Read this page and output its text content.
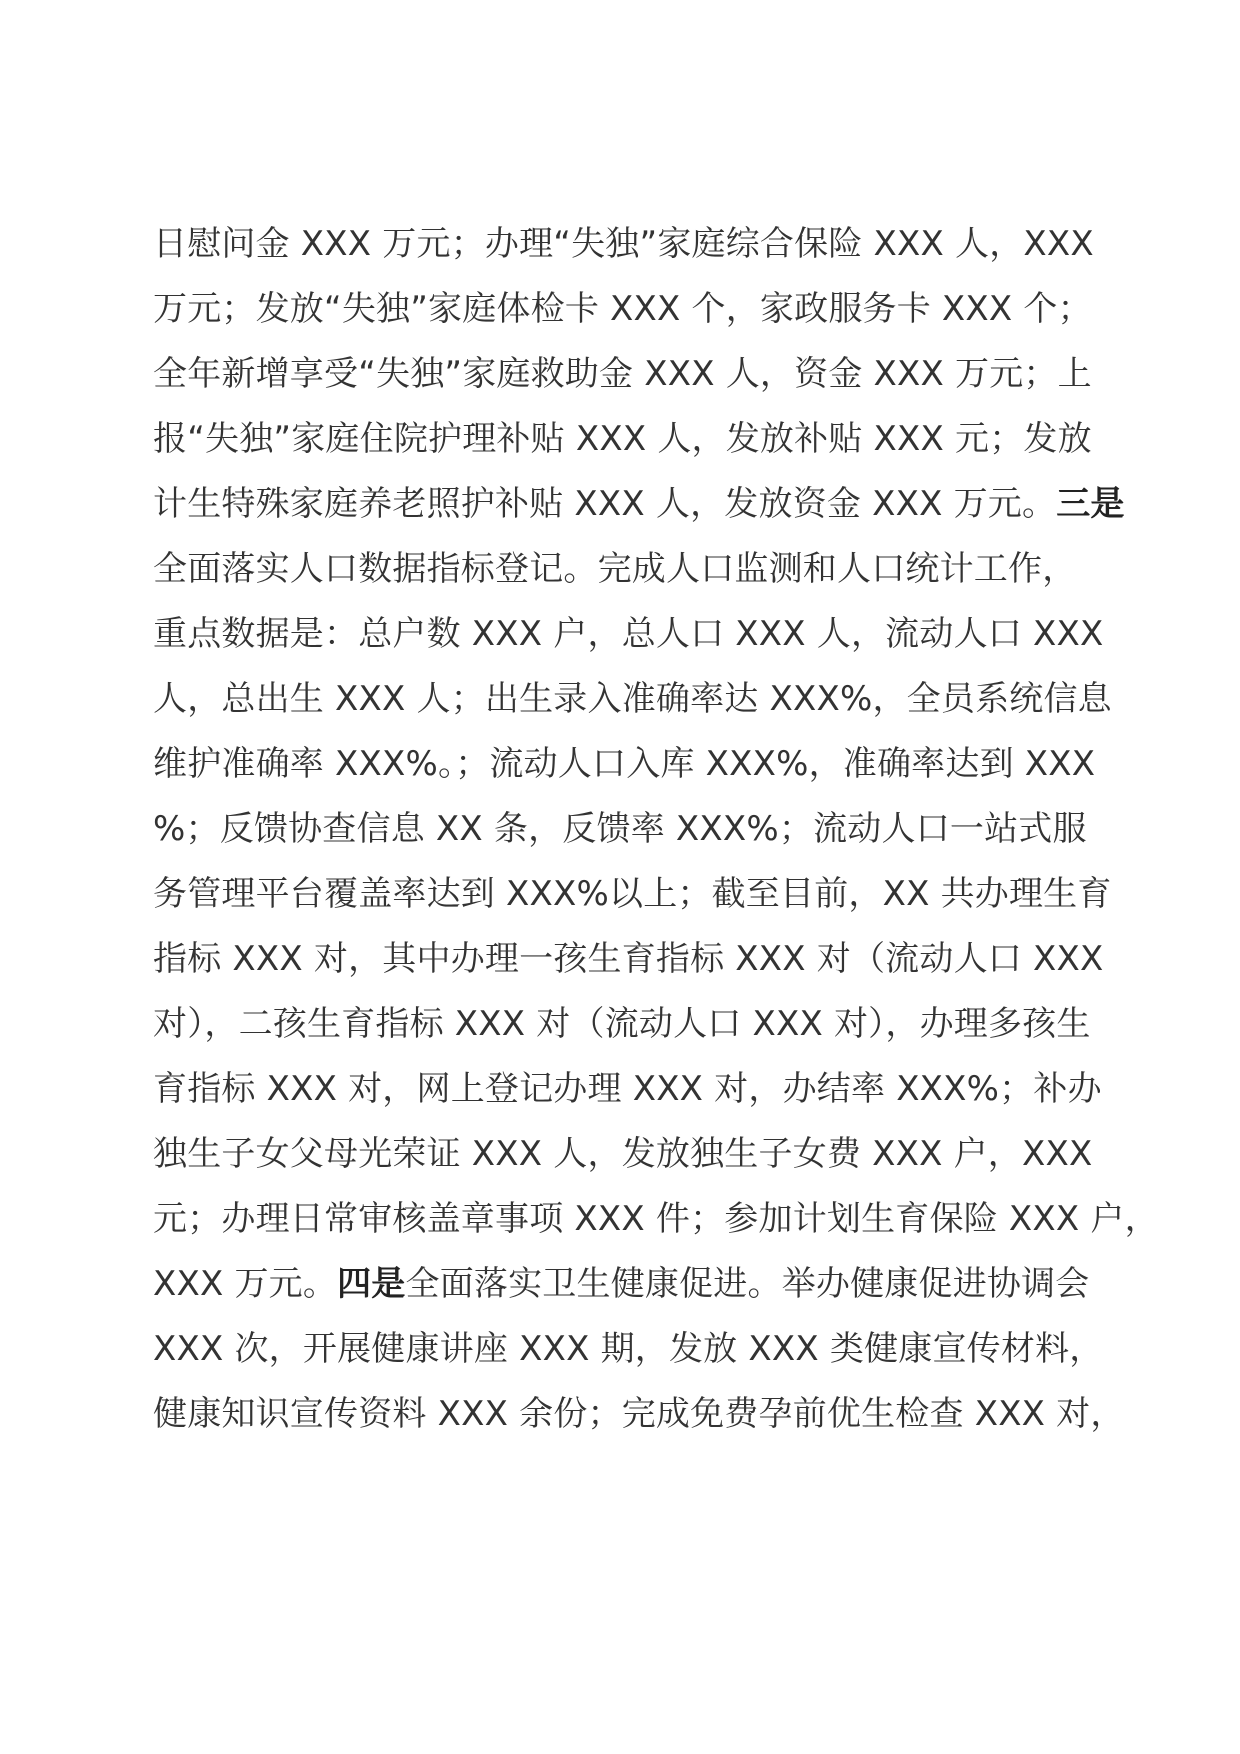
日慰问金 XXX 万元；办理“失独”家庭综合保险 XXX 人，XXX
万元；发放“失独”家庭体检卡 XXX 个，家政服务卡 XXX 个；
全年新增享受“失独”家庭救助金 XXX 人，资金 XXX 万元；上
报“失独”家庭住院护理补贴 XXX 人，发放补贴 XXX 元；发放
计生特殊家庭养老照护补贴 XXX 人，发放资金 XXX 万元。三是
全面落实人口数据指标登记。完成人口监测和人口统计工作，
重点数据是：总户数 XXX 户，总人口 XXX 人，流动人口 XXX
人，总出生 XXX 人；出生录入准确率达 XXX%，全员系统信息
维护准确率 XXX%。；流动人口入库 XXX%，准确率达到 XXX
%；反馈协查信息 XX 条，反馈率 XXX%；流动人口一站式服
务管理平台覆盖率达到 XXX%以上；截至目前，XX 共办理生育
指标 XXX 对，其中办理一孩生育指标 XXX 对（流动人口 XXX
对），二孩生育指标 XXX 对（流动人口 XXX 对），办理多孩生
育指标 XXX 对，网上登记办理 XXX 对，办结率 XXX%；补办
独生子女父母光荣证 XXX 人，发放独生子女费 XXX 户，XXX
元；办理日常审核盖章事项 XXX 件；参加计划生育保险 XXX 户，
XXX 万元。四是全面落实卫生健康促进。举办健康促进协调会
XXX 次，开展健康讲座 XXX 期，发放 XXX 类健康宣传材料，
健康知识宣传资料 XXX 余份；完成免费孕前优生检查 XXX 对，
